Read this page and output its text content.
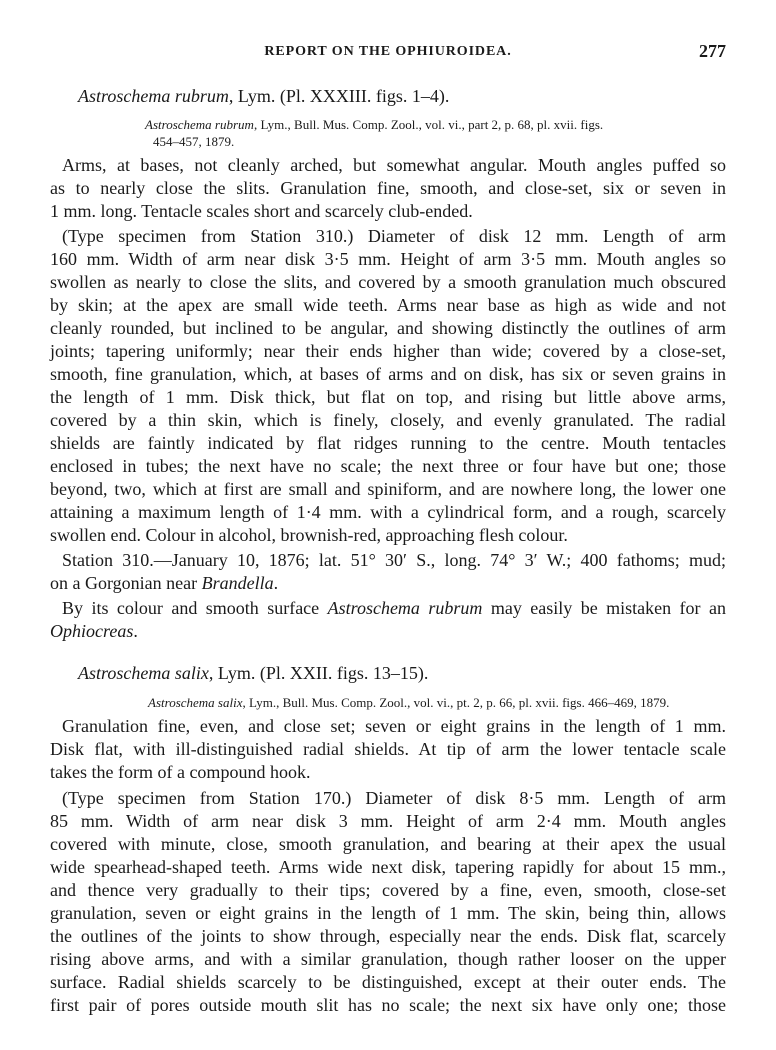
REPORT ON THE OPHIUROIDEA.	277
Astroschema rubrum, Lym. (Pl. XXXIII. figs. 1–4).
Astroschema rubrum, Lym., Bull. Mus. Comp. Zool., vol. vi., part 2, p. 68, pl. xvii. figs.
454–457, 1879.
Arms, at bases, not cleanly arched, but somewhat angular. Mouth angles puffed so
as to nearly close the slits. Granulation fine, smooth, and close-set, six or seven in
1 mm. long. Tentacle scales short and scarcely club-ended.
(Type specimen from Station 310.) Diameter of disk 12 mm. Length of arm
160 mm. Width of arm near disk 3·5 mm. Height of arm 3·5 mm. Mouth angles so
swollen as nearly to close the slits, and covered by a smooth granulation much obscured
by skin; at the apex are small wide teeth. Arms near base as high as wide and not
cleanly rounded, but inclined to be angular, and showing distinctly the outlines of arm
joints; tapering uniformly; near their ends higher than wide; covered by a close-set,
smooth, fine granulation, which, at bases of arms and on disk, has six or seven grains in
the length of 1 mm. Disk thick, but flat on top, and rising but little above arms,
covered by a thin skin, which is finely, closely, and evenly granulated. The radial
shields are faintly indicated by flat ridges running to the centre. Mouth tentacles
enclosed in tubes; the next have no scale; the next three or four have but one; those
beyond, two, which at first are small and spiniform, and are nowhere long, the lower one
attaining a maximum length of 1·4 mm. with a cylindrical form, and a rough, scarcely
swollen end. Colour in alcohol, brownish-red, approaching flesh colour.
Station 310.—January 10, 1876; lat. 51° 30′ S., long. 74° 3′ W.; 400 fathoms; mud;
on a Gorgonian near Brandella.
By its colour and smooth surface Astroschema rubrum may easily be mistaken for an
Ophiocreas.
Astroschema salix, Lym. (Pl. XXII. figs. 13–15).
Astroschema salix, Lym., Bull. Mus. Comp. Zool., vol. vi., pt. 2, p. 66, pl. xvii. figs. 466–469, 1879.
Granulation fine, even, and close set; seven or eight grains in the length of 1 mm.
Disk flat, with ill-distinguished radial shields. At tip of arm the lower tentacle scale
takes the form of a compound hook.
(Type specimen from Station 170.) Diameter of disk 8·5 mm. Length of arm
85 mm. Width of arm near disk 3 mm. Height of arm 2·4 mm. Mouth angles
covered with minute, close, smooth granulation, and bearing at their apex the usual
wide spearhead-shaped teeth. Arms wide next disk, tapering rapidly for about 15 mm.,
and thence very gradually to their tips; covered by a fine, even, smooth, close-set
granulation, seven or eight grains in the length of 1 mm. The skin, being thin, allows
the outlines of the joints to show through, especially near the ends. Disk flat, scarcely
rising above arms, and with a similar granulation, though rather looser on the upper
surface. Radial shields scarcely to be distinguished, except at their outer ends. The
first pair of pores outside mouth slit has no scale; the next six have only one; those
